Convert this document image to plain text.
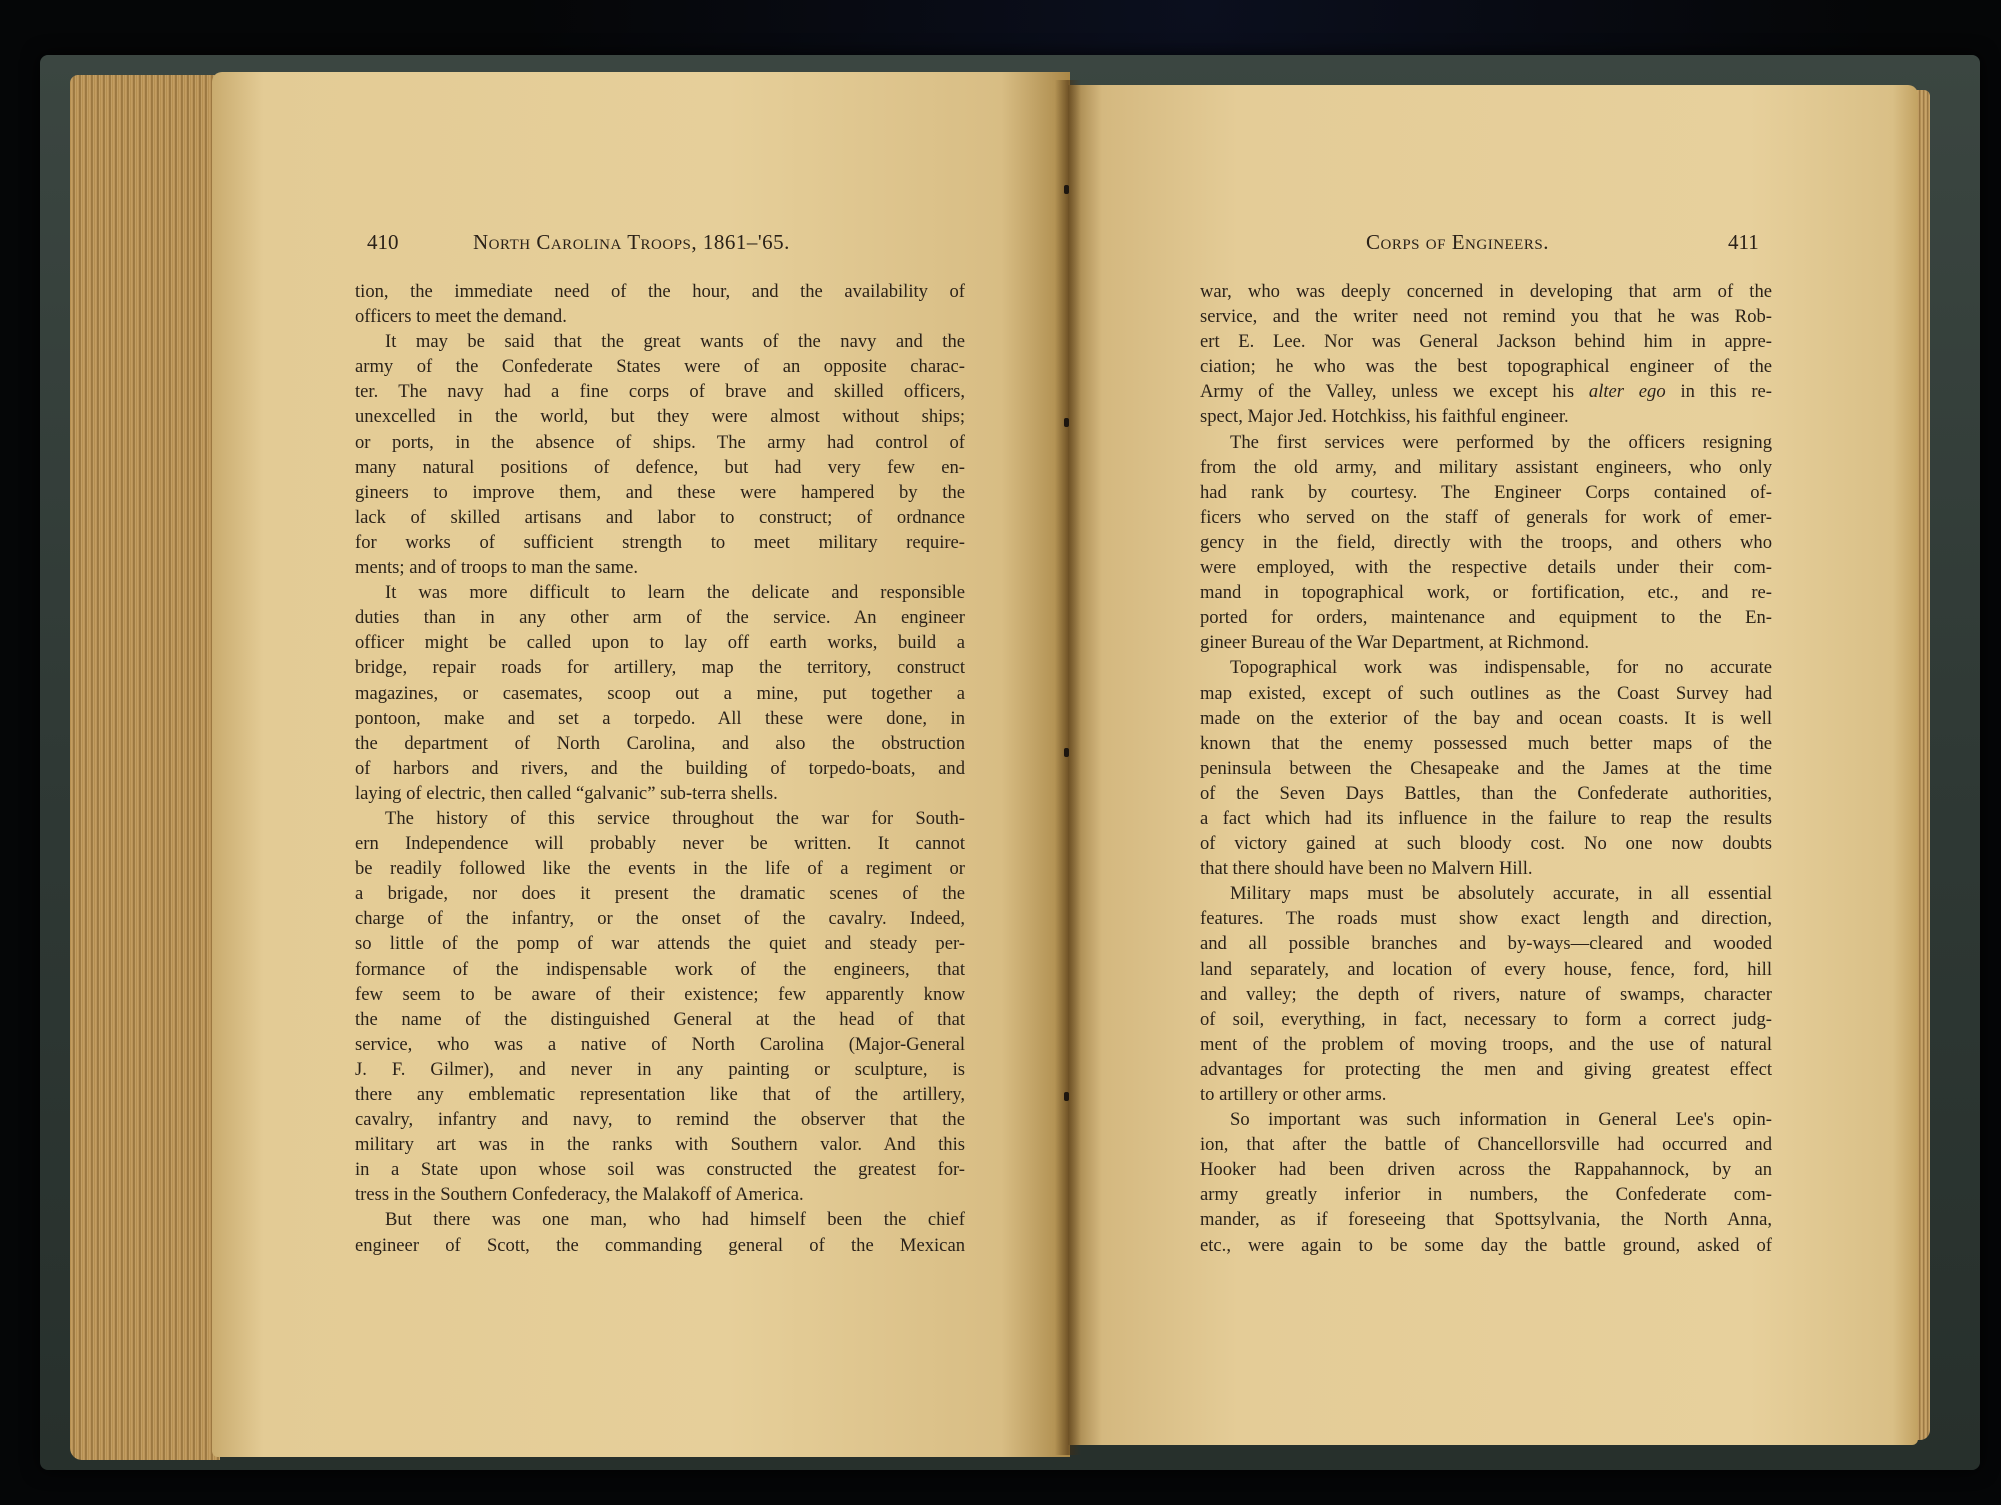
410	North Carolina Troops, 1861–'65.
tion, the immediate need of the hour, and the availability of
officers to meet the demand.
It may be said that the great wants of the navy and the
army of the Confederate States were of an opposite charac-
ter. The navy had a fine corps of brave and skilled officers,
unexcelled in the world, but they were almost without ships;
or ports, in the absence of ships. The army had control of
many natural positions of defence, but had very few en-
gineers to improve them, and these were hampered by the
lack of skilled artisans and labor to construct; of ordnance
for works of sufficient strength to meet military require-
ments; and of troops to man the same.
It was more difficult to learn the delicate and responsible
duties than in any other arm of the service. An engineer
officer might be called upon to lay off earth works, build a
bridge, repair roads for artillery, map the territory, construct
magazines, or casemates, scoop out a mine, put together a
pontoon, make and set a torpedo. All these were done, in
the department of North Carolina, and also the obstruction
of harbors and rivers, and the building of torpedo-boats, and
laying of electric, then called “galvanic” sub-terra shells.
The history of this service throughout the war for South-
ern Independence will probably never be written. It cannot
be readily followed like the events in the life of a regiment or
a brigade, nor does it present the dramatic scenes of the
charge of the infantry, or the onset of the cavalry. Indeed,
so little of the pomp of war attends the quiet and steady per-
formance of the indispensable work of the engineers, that
few seem to be aware of their existence; few apparently know
the name of the distinguished General at the head of that
service, who was a native of North Carolina (Major-General
J. F. Gilmer), and never in any painting or sculpture, is
there any emblematic representation like that of the artillery,
cavalry, infantry and navy, to remind the observer that the
military art was in the ranks with Southern valor. And this
in a State upon whose soil was constructed the greatest for-
tress in the Southern Confederacy, the Malakoff of America.
But there was one man, who had himself been the chief
engineer of Scott, the commanding general of the Mexican
Corps of Engineers.	411
war, who was deeply concerned in developing that arm of the
service, and the writer need not remind you that he was Rob-
ert E. Lee. Nor was General Jackson behind him in appre-
ciation; he who was the best topographical engineer of the
Army of the Valley, unless we except his alter ego in this re-
spect, Major Jed. Hotchkiss, his faithful engineer.
The first services were performed by the officers resigning
from the old army, and military assistant engineers, who only
had rank by courtesy. The Engineer Corps contained of-
ficers who served on the staff of generals for work of emer-
gency in the field, directly with the troops, and others who
were employed, with the respective details under their com-
mand in topographical work, or fortification, etc., and re-
ported for orders, maintenance and equipment to the En-
gineer Bureau of the War Department, at Richmond.
Topographical work was indispensable, for no accurate
map existed, except of such outlines as the Coast Survey had
made on the exterior of the bay and ocean coasts. It is well
known that the enemy possessed much better maps of the
peninsula between the Chesapeake and the James at the time
of the Seven Days Battles, than the Confederate authorities,
a fact which had its influence in the failure to reap the results
of victory gained at such bloody cost. No one now doubts
that there should have been no Malvern Hill.
Military maps must be absolutely accurate, in all essential
features. The roads must show exact length and direction,
and all possible branches and by-ways—cleared and wooded
land separately, and location of every house, fence, ford, hill
and valley; the depth of rivers, nature of swamps, character
of soil, everything, in fact, necessary to form a correct judg-
ment of the problem of moving troops, and the use of natural
advantages for protecting the men and giving greatest effect
to artillery or other arms.
So important was such information in General Lee's opin-
ion, that after the battle of Chancellorsville had occurred and
Hooker had been driven across the Rappahannock, by an
army greatly inferior in numbers, the Confederate com-
mander, as if foreseeing that Spottsylvania, the North Anna,
etc., were again to be some day the battle ground, asked of
